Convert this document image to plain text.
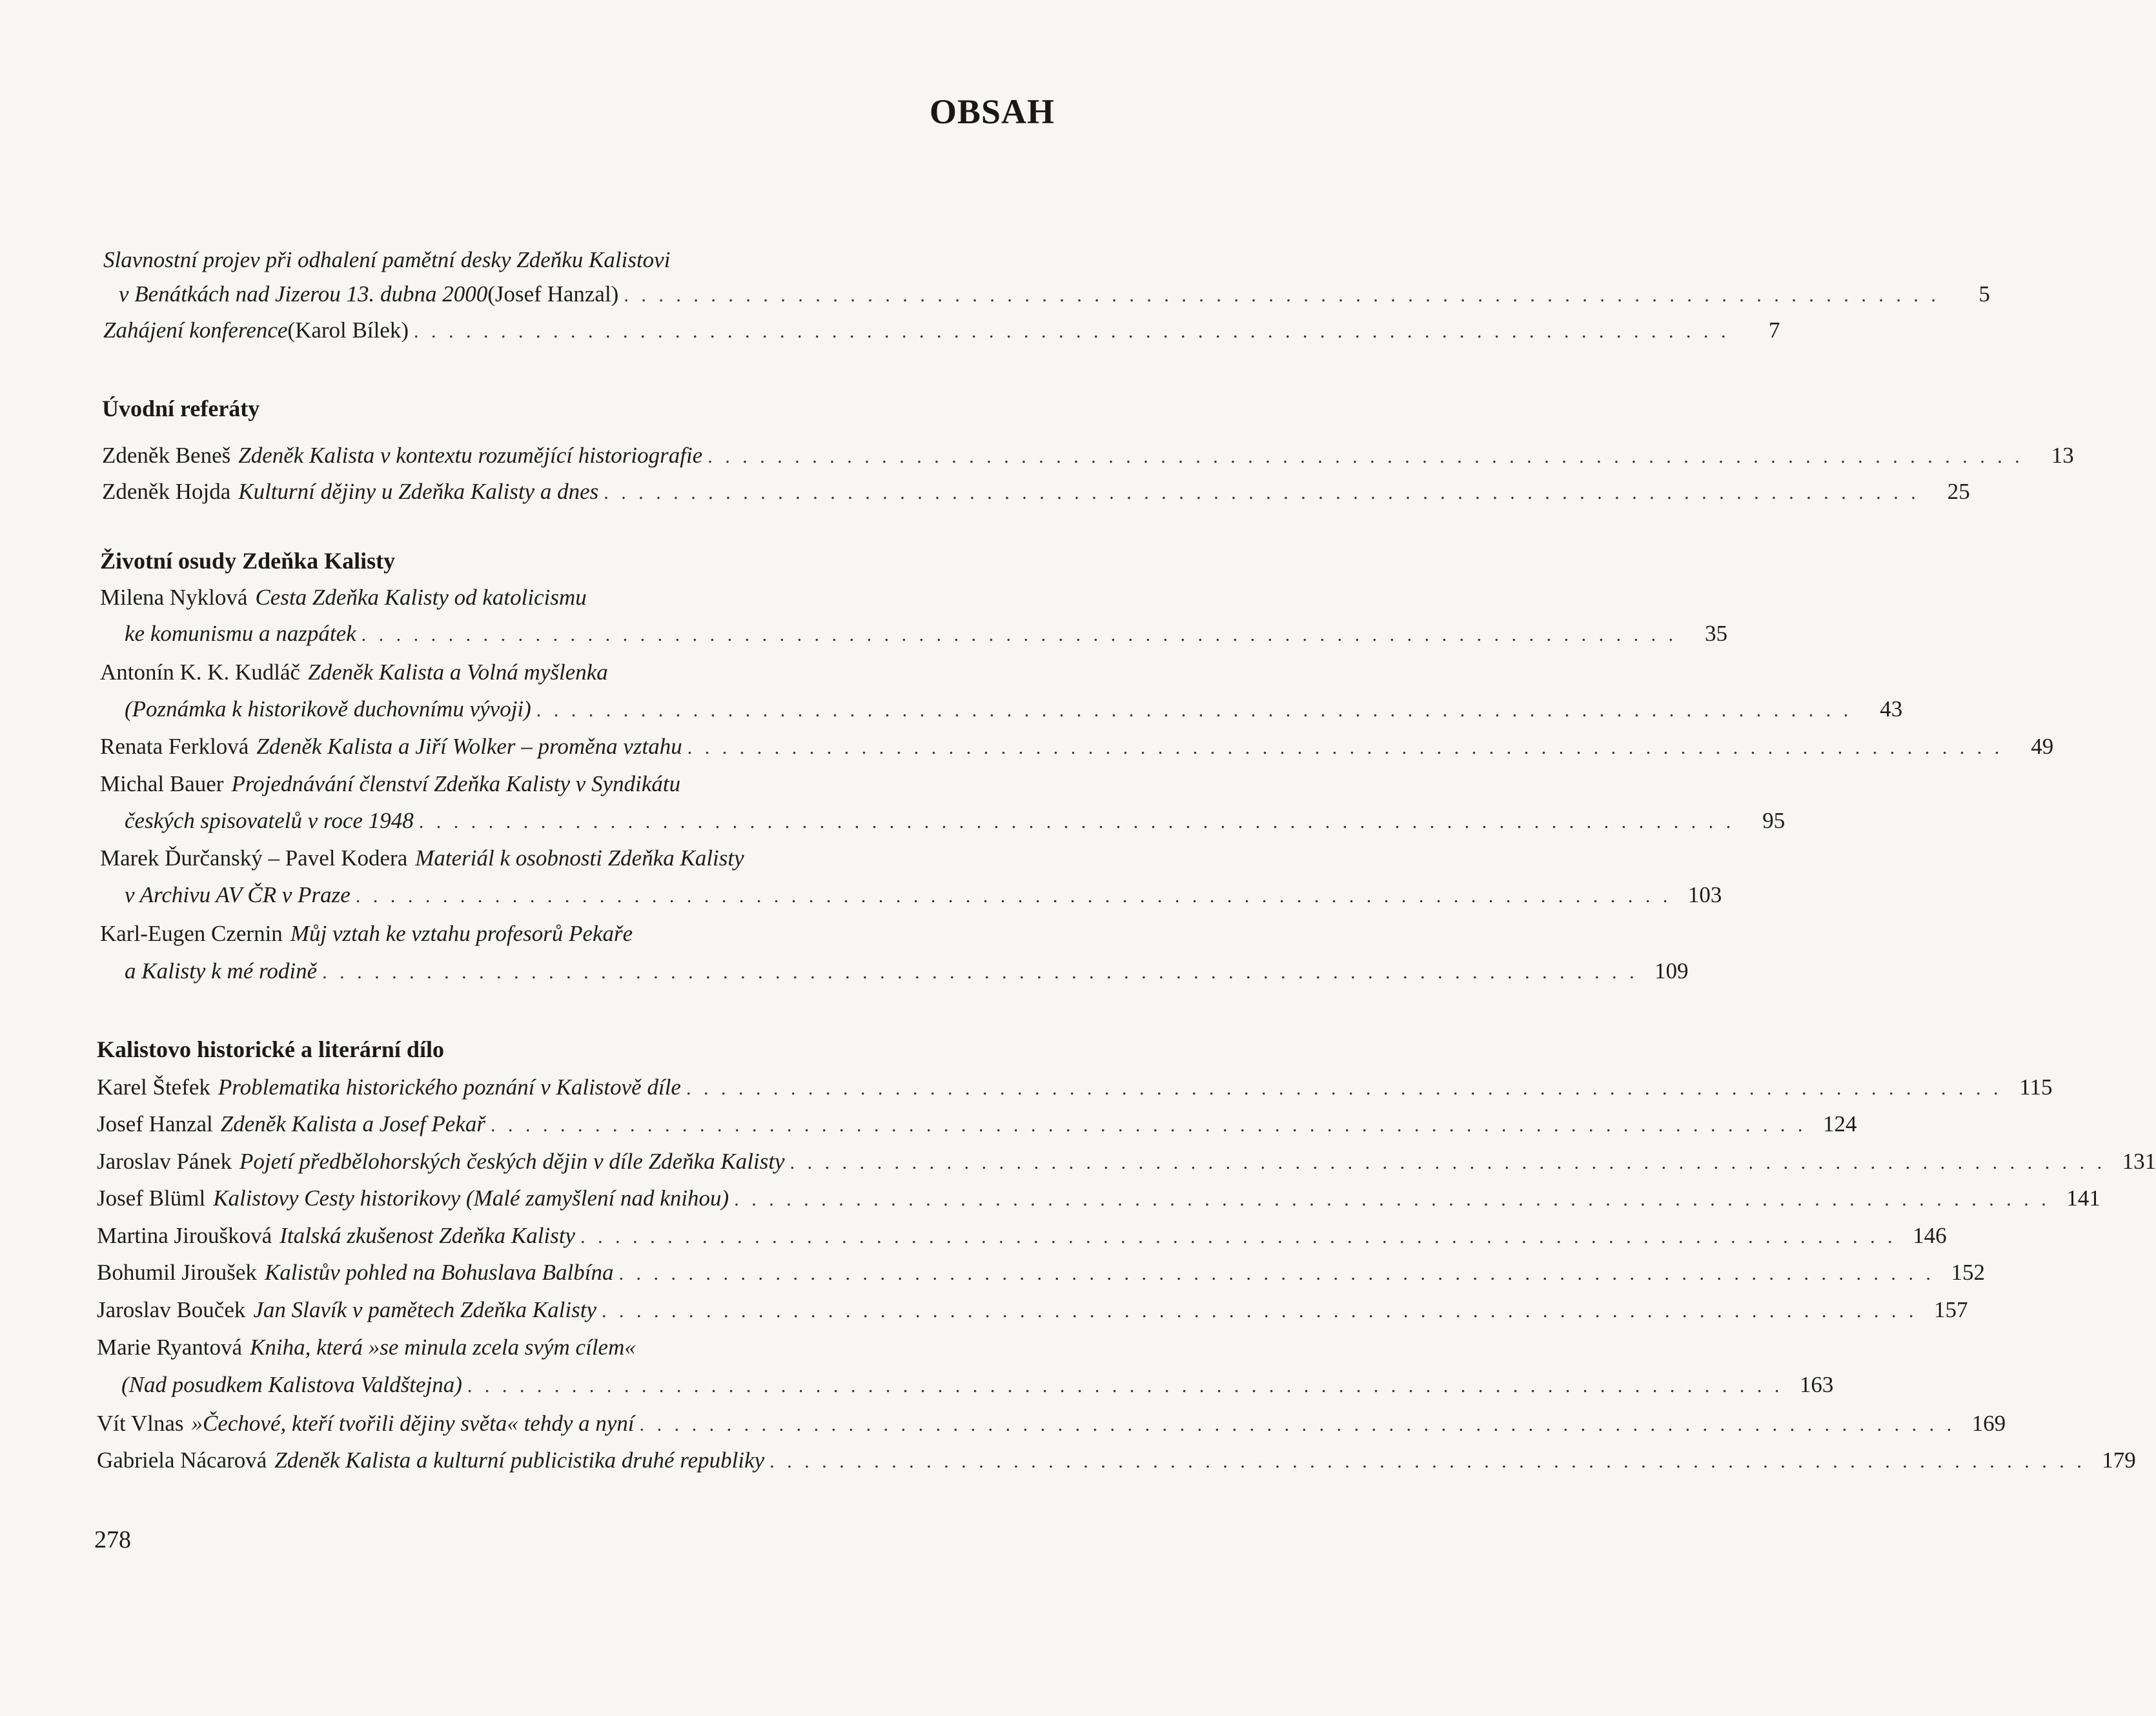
OBSAH
Slavnostní projev při odhalení pamětní desky Zdeňku Kalistovi
v Benátkách nad Jizerou 13. dubna 2000 (Josef Hanzal) . . . . . . . . . . . . . . . . . . . . . . . . . . . . . . . . . . . . . . . . . . . . . . . . . . . . . . . . . . . . . . . . . . . . . . . . . . . .	5
Zahájení konference (Karol Bílek) . . . . . . . . . . . . . . . . . . . . . . . . . . . . . . . . . . . . . . . . . . . . . . . . . . . . . . . . . . . . . . . . . . . . . . . . . . . .	7
Úvodní referáty
Zdeněk Beneš Zdeněk Kalista v kontextu rozumějící historiografie . . . . . . . . . . . . . . . . . . . . . . . . . . . . . . . . . . . . . . . . . . . . . . . . . . . . . . . . . . . . . . . . . . . . . . . . . . . .	13
Zdeněk Hojda Kulturní dějiny u Zdeňka Kalisty a dnes . . . . . . . . . . . . . . . . . . . . . . . . . . . . . . . . . . . . . . . . . . . . . . . . . . . . . . . . . . . . . . . . . . . . . . . . . . . .	25
Životní osudy Zdeňka Kalisty
Milena Nyklová Cesta Zdeňka Kalisty od katolicismu
ke komunismu a nazpátek . . . . . . . . . . . . . . . . . . . . . . . . . . . . . . . . . . . . . . . . . . . . . . . . . . . . . . . . . . . . . . . . . . . . . . . . . . . .	35
Antonín K. K. Kudláč Zdeněk Kalista a Volná myšlenka
(Poznámka k historikově duchovnímu vývoji) . . . . . . . . . . . . . . . . . . . . . . . . . . . . . . . . . . . . . . . . . . . . . . . . . . . . . . . . . . . . . . . . . . . . . . . . . . . .	43
Renata Ferklová Zdeněk Kalista a Jiří Wolker – proměna vztahu . . . . . . . . . . . . . . . . . . . . . . . . . . . . . . . . . . . . . . . . . . . . . . . . . . . . . . . . . . . . . . . . . . . . . . . . . . . .	49
Michal Bauer Projednávání členství Zdeňka Kalisty v Syndikátu
českých spisovatelů v roce 1948 . . . . . . . . . . . . . . . . . . . . . . . . . . . . . . . . . . . . . . . . . . . . . . . . . . . . . . . . . . . . . . . . . . . . . . . . . . . .	95
Marek Ďurčanský – Pavel Kodera Materiál k osobnosti Zdeňka Kalisty
v Archivu AV ČR v Praze . . . . . . . . . . . . . . . . . . . . . . . . . . . . . . . . . . . . . . . . . . . . . . . . . . . . . . . . . . . . . . . . . . . . . . . . . . . . 103
Karl-Eugen Czernin Můj vztah ke vztahu profesorů Pekaře
a Kalisty k mé rodině . . . . . . . . . . . . . . . . . . . . . . . . . . . . . . . . . . . . . . . . . . . . . . . . . . . . . . . . . . . . . . . . . . . . . . . . . . . . 109
Kalistovo historické a literární dílo
Karel Štefek Problematika historického poznání v Kalistově díle . . . . . . . . . . . . . . . . . . . . . . . . . . . . . . . . . . . . . . . . . . . . . . . . . . . . . . . . . . . . . . . . . . . . . . . . . . . . 115
Josef Hanzal Zdeněk Kalista a Josef Pekař . . . . . . . . . . . . . . . . . . . . . . . . . . . . . . . . . . . . . . . . . . . . . . . . . . . . . . . . . . . . . . . . . . . . . . . . . . . . 124
Jaroslav Pánek Pojetí předbělohorských českých dějin v díle Zdeňka Kalisty . . . . . . . . . . . . . . . . . . . . . . . . . . . . . . . . . . . . . . . . . . . . . . . . . . . . . . . . . . . . . . . . . . . . . . . . . . . . 131
Josef Blüml Kalistovy Cesty historikovy (Malé zamyšlení nad knihou) . . . . . . . . . . . . . . . . . . . . . . . . . . . . . . . . . . . . . . . . . . . . . . . . . . . . . . . . . . . . . . . . . . . . . . . . . . . . 141
Martina Jiroušková Italská zkušenost Zdeňka Kalisty . . . . . . . . . . . . . . . . . . . . . . . . . . . . . . . . . . . . . . . . . . . . . . . . . . . . . . . . . . . . . . . . . . . . . . . . . . . . 146
Bohumil Jiroušek Kalistův pohled na Bohuslava Balbína . . . . . . . . . . . . . . . . . . . . . . . . . . . . . . . . . . . . . . . . . . . . . . . . . . . . . . . . . . . . . . . . . . . . . . . . . . . . 152
Jaroslav Bouček Jan Slavík v pamětech Zdeňka Kalisty . . . . . . . . . . . . . . . . . . . . . . . . . . . . . . . . . . . . . . . . . . . . . . . . . . . . . . . . . . . . . . . . . . . . . . . . . . . . 157
Marie Ryantová Kniha, která »se minula zcela svým cílem«
(Nad posudkem Kalistova Valdštejna) . . . . . . . . . . . . . . . . . . . . . . . . . . . . . . . . . . . . . . . . . . . . . . . . . . . . . . . . . . . . . . . . . . . . . . . . . . . . 163
Vít Vlnas »Čechové, kteří tvořili dějiny světa« tehdy a nyní . . . . . . . . . . . . . . . . . . . . . . . . . . . . . . . . . . . . . . . . . . . . . . . . . . . . . . . . . . . . . . . . . . . . . . . . . . . . 169
Gabriela Nácarová Zdeněk Kalista a kulturní publicistika druhé republiky . . . . . . . . . . . . . . . . . . . . . . . . . . . . . . . . . . . . . . . . . . . . . . . . . . . . . . . . . . . . . . . . . . . . . . . . . . . . 179
278
